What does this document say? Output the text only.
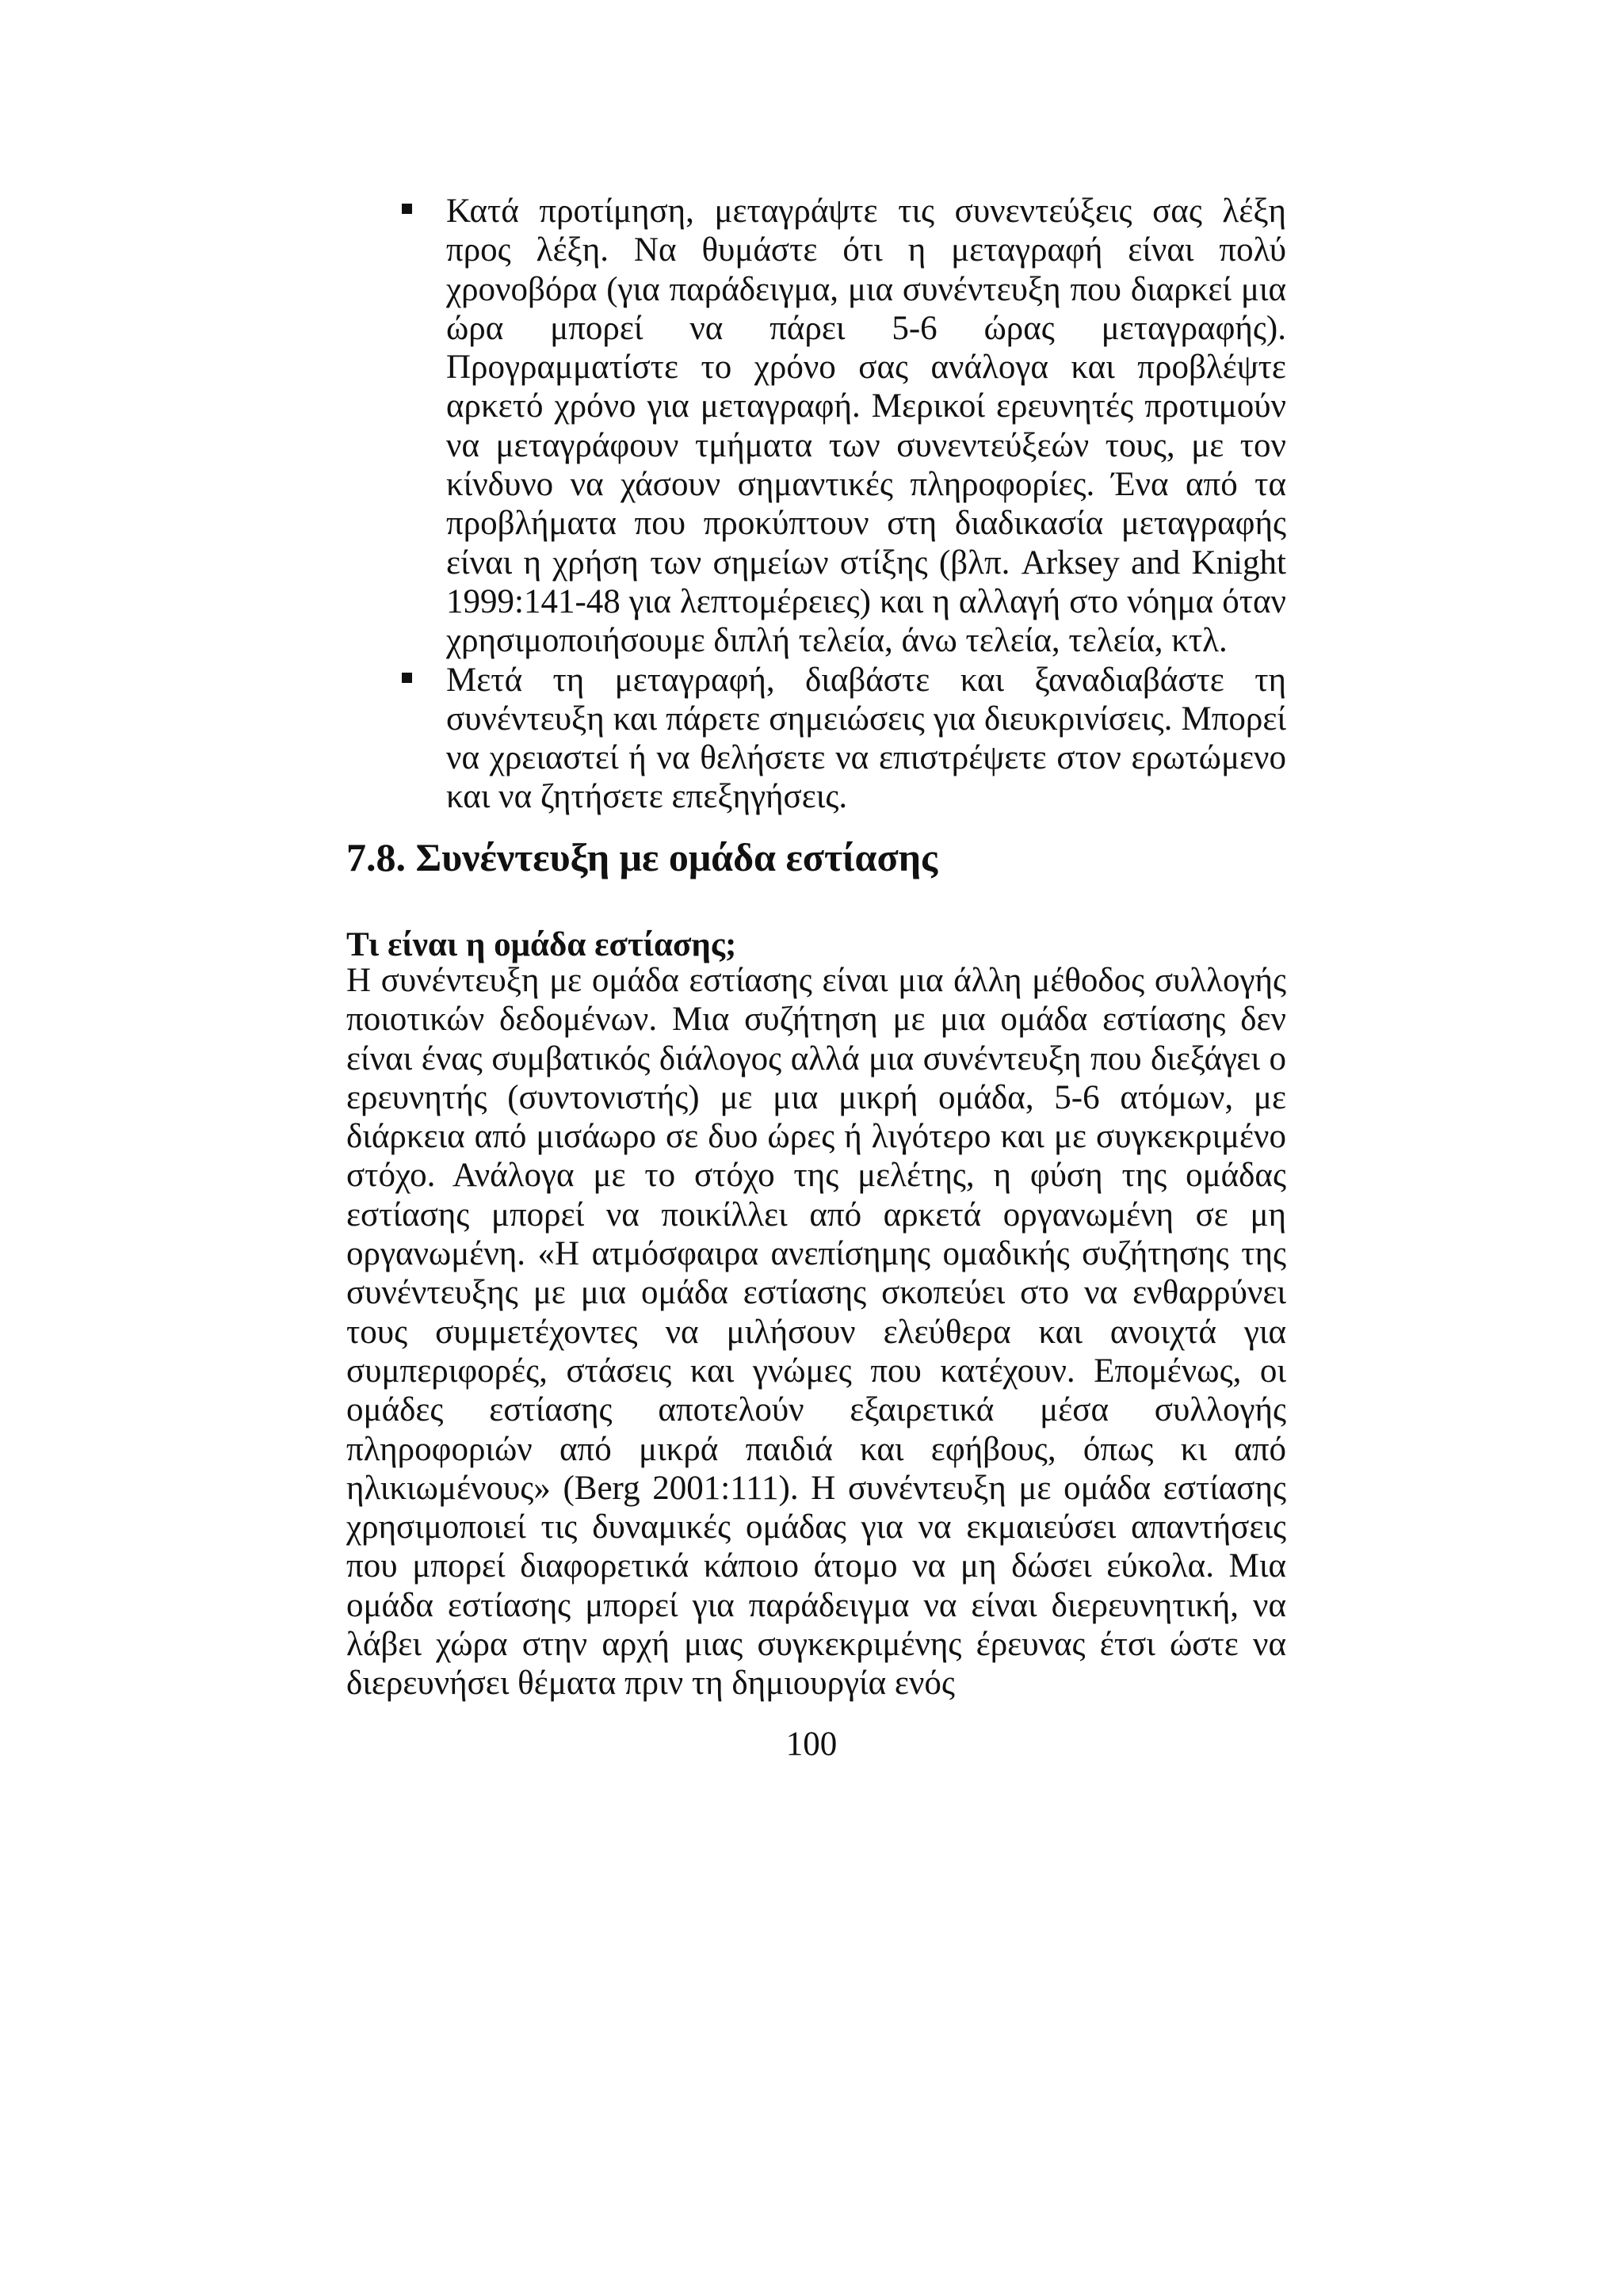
Κατά προτίμηση, μεταγράψτε τις συνεντεύξεις σας λέξη προς λέξη. Να θυμάστε ότι η μεταγραφή είναι πολύ χρονοβόρα (για παράδειγμα, μια συνέντευξη που διαρκεί μια ώρα μπορεί να πάρει 5-6 ώρας μεταγραφής). Προγραμματίστε το χρόνο σας ανάλογα και προβλέψτε αρκετό χρόνο για μεταγραφή. Μερικοί ερευνητές προτιμούν να μεταγράφουν τμήματα των συνεντεύξεών τους, με τον κίνδυνο να χάσουν σημαντικές πληροφορίες. Ένα από τα προβλήματα που προκύπτουν στη διαδικασία μεταγραφής είναι η χρήση των σημείων στίξης (βλπ. Arksey and Knight 1999:141-48 για λεπτομέρειες) και η αλλαγή στο νόημα όταν χρησιμοποιήσουμε διπλή τελεία, άνω τελεία, τελεία, κτλ.
Μετά τη μεταγραφή, διαβάστε και ξαναδιαβάστε τη συνέντευξη και πάρετε σημειώσεις για διευκρινίσεις. Μπορεί να χρειαστεί ή να θελήσετε να επιστρέψετε στον ερωτώμενο και να ζητήσετε επεξηγήσεις.
7.8. Συνέντευξη με ομάδα εστίασης
Τι είναι η ομάδα εστίασης;

Η συνέντευξη με ομάδα εστίασης είναι μια άλλη μέθοδος συλλογής ποιοτικών δεδομένων. Μια συζήτηση με μια ομάδα εστίασης δεν είναι ένας συμβατικός διάλογος αλλά μια συνέντευξη που διεξάγει ο ερευνητής (συντονιστής) με μια μικρή ομάδα, 5-6 ατόμων, με διάρκεια από μισάωρο σε δυο ώρες ή λιγότερο και με συγκεκριμένο στόχο. Ανάλογα με το στόχο της μελέτης, η φύση της ομάδας εστίασης μπορεί να ποικίλλει από αρκετά οργανωμένη σε μη οργανωμένη. «Η ατμόσφαιρα ανεπίσημης ομαδικής συζήτησης της συνέντευξης με μια ομάδα εστίασης σκοπεύει στο να ενθαρρύνει τους συμμετέχοντες να μιλήσουν ελεύθερα και ανοιχτά για συμπεριφορές, στάσεις και γνώμες που κατέχουν. Επομένως, οι ομάδες εστίασης αποτελούν εξαιρετικά μέσα συλλογής πληροφοριών από μικρά παιδιά και εφήβους, όπως κι από ηλικιωμένους» (Berg 2001:111). Η συνέντευξη με ομάδα εστίασης χρησιμοποιεί τις δυναμικές ομάδας για να εκμαιεύσει απαντήσεις που μπορεί διαφορετικά κάποιο άτομο να μη δώσει εύκολα. Μια ομάδα εστίασης μπορεί για παράδειγμα να είναι διερευνητική, να λάβει χώρα στην αρχή μιας συγκεκριμένης έρευνας έτσι ώστε να διερευνήσει θέματα πριν τη δημιουργία ενός

100
